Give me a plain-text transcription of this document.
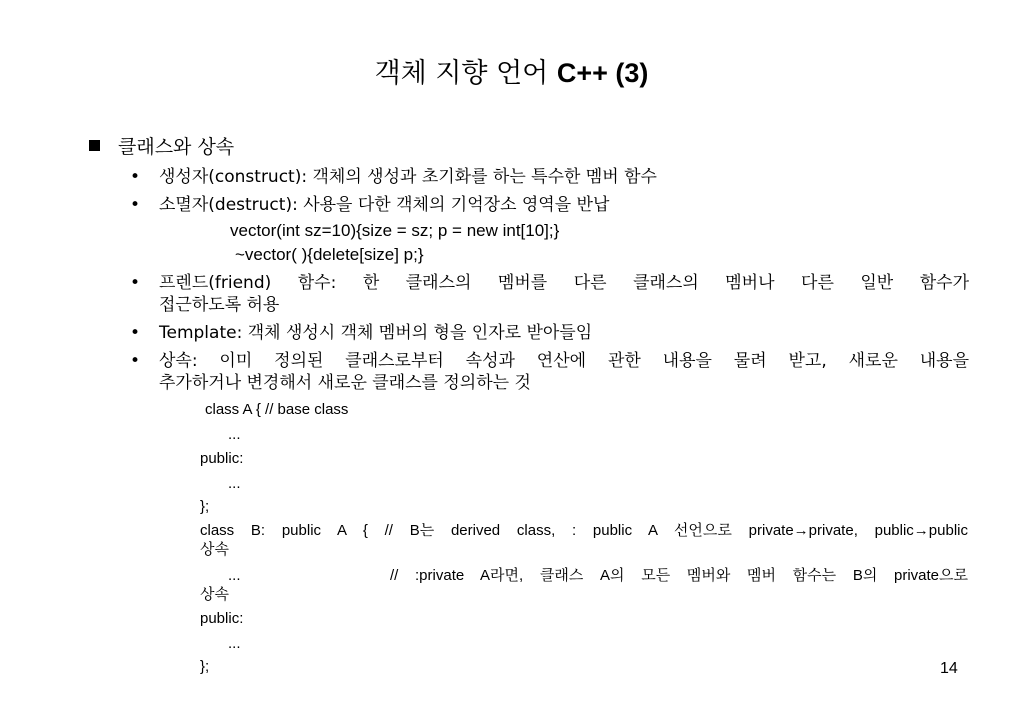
객체 지향 언어 C++ (3)
클래스와 상속
• 생성자(construct): 객체의 생성과 초기화를 하는 특수한 멤버 함수
• 소멸자(destruct): 사용을 다한 객체의 기억장소 영역을 반납
vector(int sz=10){size = sz; p = new int[10];}
~vector( ){delete[size] p;}
• 프렌드(friend) 함수: 한 클래스의 멤버를 다른 클래스의 멤버나 다른 일반 함수가
접근하도록 허용
• Template: 객체 생성시 객체 멤버의 형을 인자로 받아들임
• 상속: 이미 정의된 클래스로부터 속성과 연산에 관한 내용을 물려 받고, 새로운 내용을
추가하거나 변경해서 새로운 클래스를 정의하는 것
class A { // base class
...
public:
...
};
class B: public A { // B는 derived class, : public A 선언으로 private→private, public→public
상속
...	// :private A라면, 클래스 A의 모든 멤버와 멤버 함수는 B의 private으로
상속
public:
...
};	14
